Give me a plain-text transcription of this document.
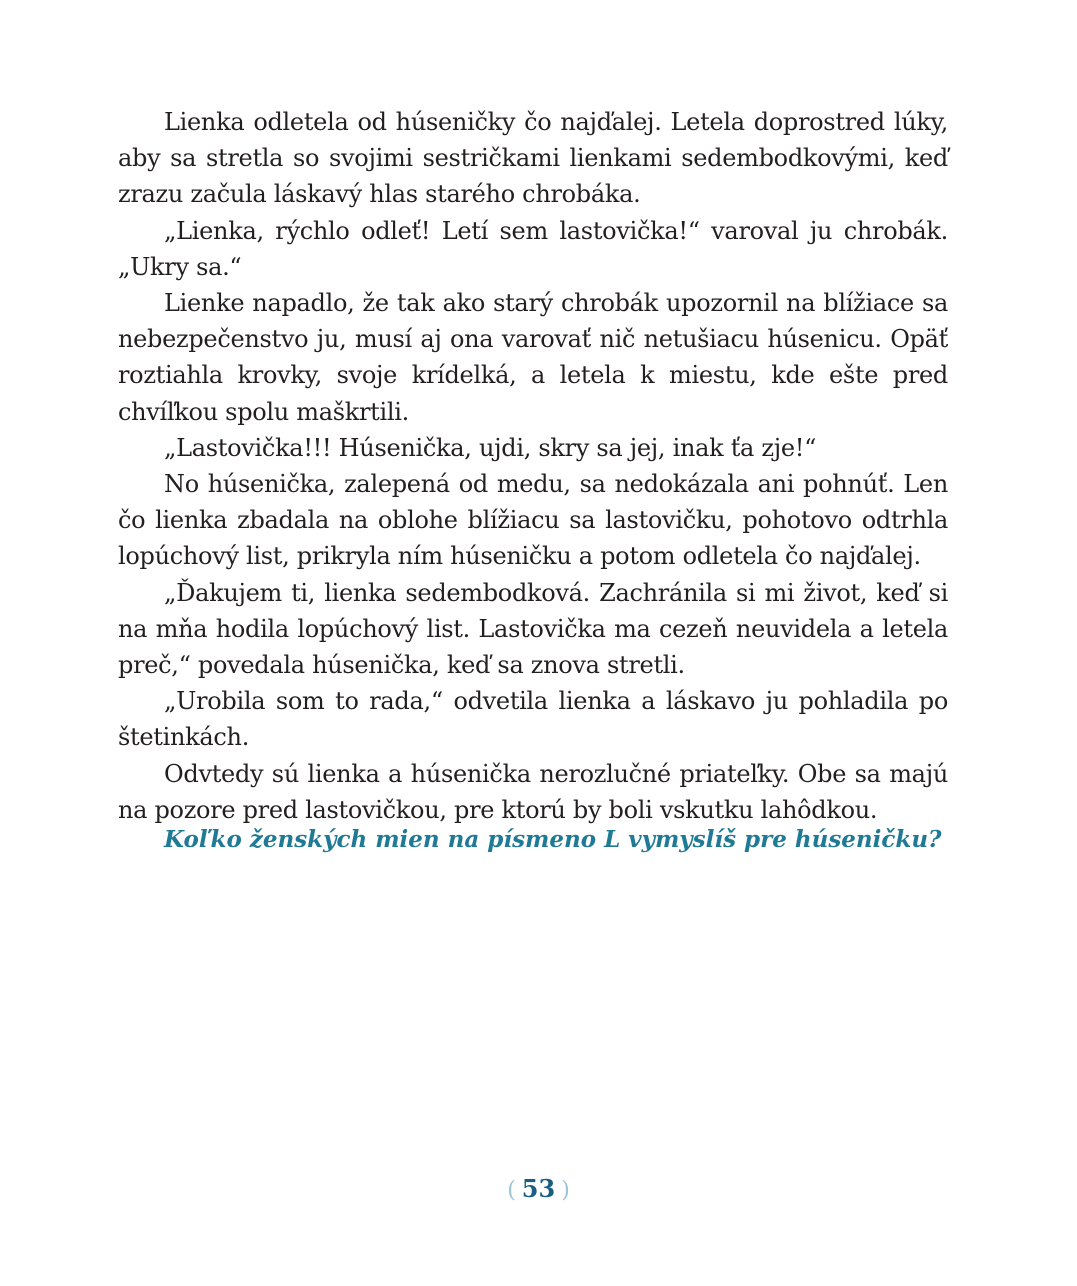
Lienka odletela od húseničky čo najďalej. Letela doprostred lúky, aby sa stretla so svojimi sestričkami lienkami sedembodkovými, keď zrazu začula láskavý hlas starého chrobáka.

„Lienka, rýchlo odleť! Letí sem lastovička!“ varoval ju chrobák. „Ukry sa.“

Lienke napadlo, že tak ako starý chrobák upozornil na blížiace sa nebezpečenstvo ju, musí aj ona varovať nič netušiacu húsenicu. Opäť roztiahla krovky, svoje krídelká, a letela k miestu, kde ešte pred chvíľkou spolu maškrtili.

„Lastovička!!! Húsenička, ujdi, skry sa jej, inak ťa zje!“

No húsenička, zalepená od medu, sa nedokázala ani pohnúť. Len čo lienka zbadala na oblohe blížiacu sa lastovičku, pohotovo odtrhla lopúchový list, prikryla ním húseničku a potom odletela čo najďalej.

„Ďakujem ti, lienka sedembodková. Zachránila si mi život, keď si na mňa hodila lopúchový list. Lastovička ma cezeň neuvidela a letela preč,“ povedala húsenička, keď sa znova stretli.

„Urobila som to rada,“ odvetila lienka a láskavo ju pohladila po štetinkách.

Odvtedy sú lienka a húsenička nerozlučné priateľky. Obe sa majú na pozore pred lastovičkou, pre ktorú by boli vskutku lahôdkou.

Koľko ženských mien na písmeno L vymyslíš pre húseničku?
( 53 )
